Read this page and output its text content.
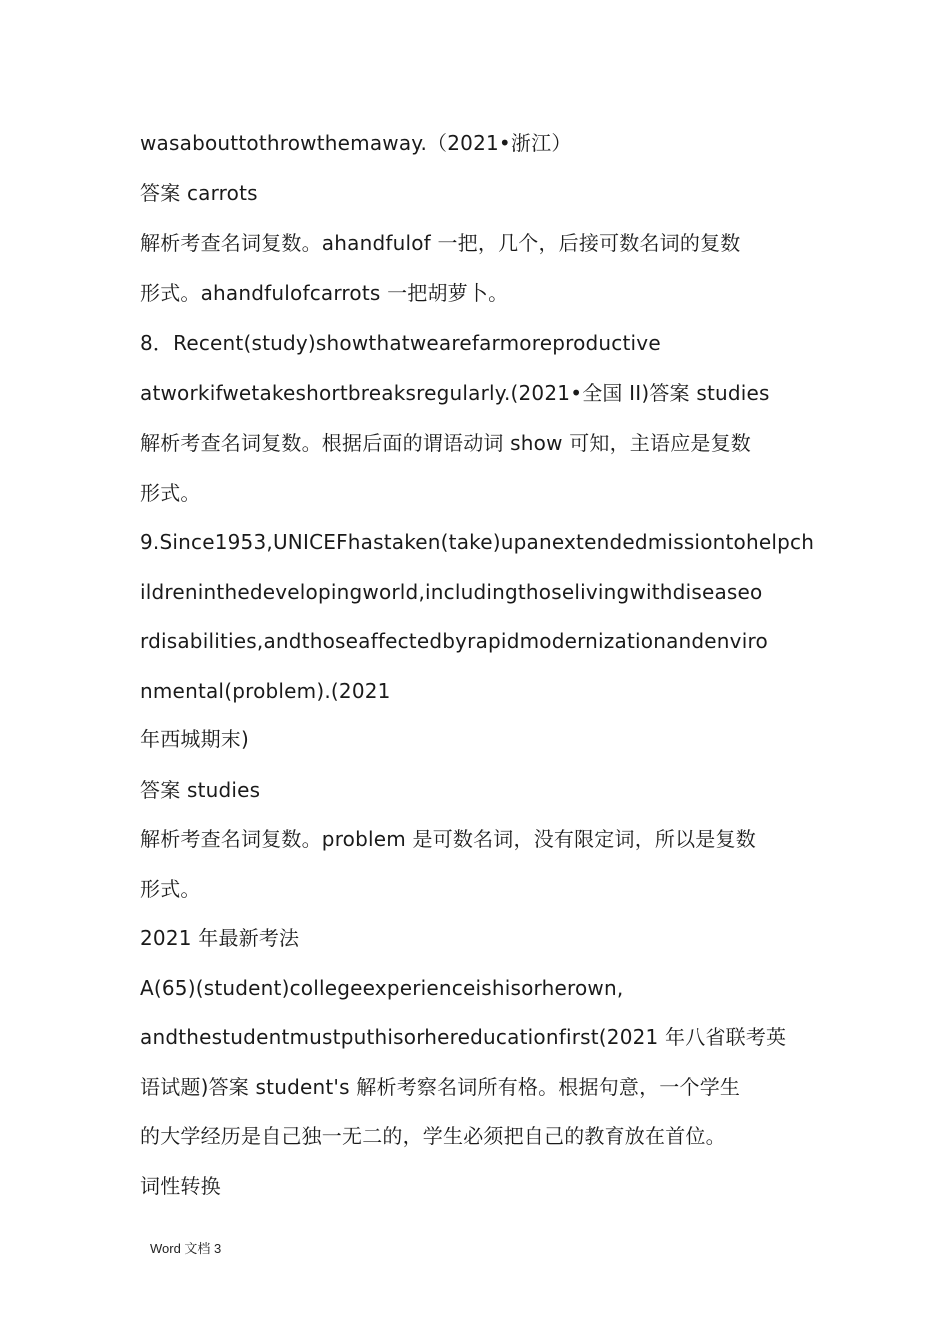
wasabouttothrowthemaway.（2021•浙江）
答案 carrots
解析考查名词复数。ahandfulof 一把，几个，后接可数名词的复数
形式。ahandfulofcarrots 一把胡萝卜。
8．Recent(study)showthatwearefarmoreproductive
atworkifwetakeshortbreaksregularly.(2021•全国 II)答案 studies
解析考查名词复数。根据后面的谓语动词 show 可知，主语应是复数
形式。
9.Since1953,UNICEFhastaken(take)upanextendedmissiontohelpch
ildreninthedevelopingworld,includingthoselivingwithdiseaseo
rdisabilities,andthoseaffectedbyrapidmodernizationandenviro
nmental(problem).(2021
年西城期末)
答案 studies
解析考查名词复数。problem 是可数名词，没有限定词，所以是复数
形式。
2021 年最新考法
A(65)(student)collegeexperienceishisorherown,
andthestudentmustputhisorhereducationfirst(2021 年八省联考英
语试题)答案 student's 解析考察名词所有格。根据句意，一个学生
的大学经历是自己独一无二的，学生必须把自己的教育放在首位。
词性转换
Word 文档 3
